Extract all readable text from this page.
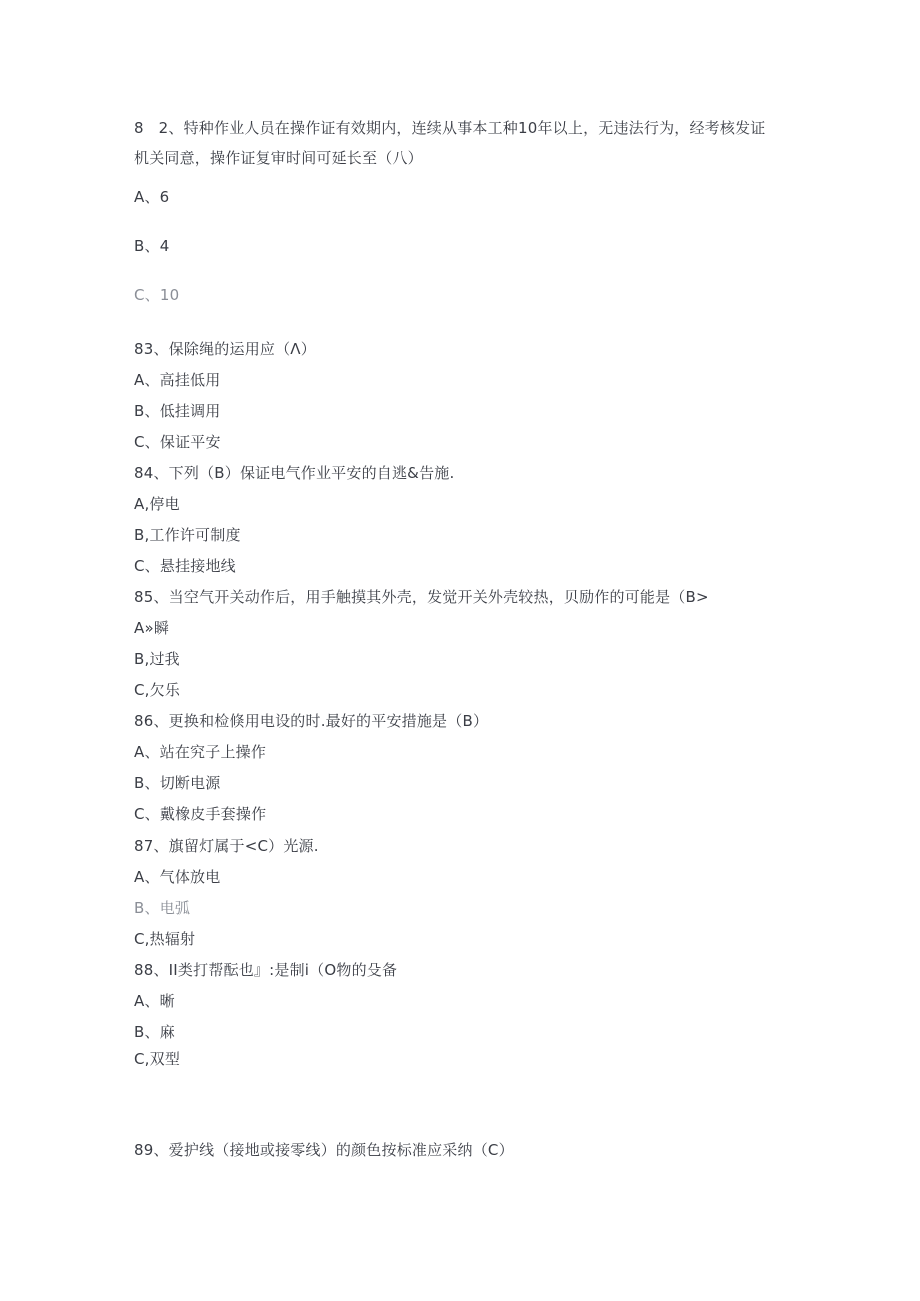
8   2、特种作业人员在操作证有效期内，连续从事本工种10年以上，无违法行为，经考核发证
机关同意，操作证复审时间可延长至（八）
A、6
B、4
C、10
83、保除绳的运用应（Λ）
A、高挂低用
B、低挂调用
C、保证平安
84、下列（B）保证电气作业平安的自逃&告施.
A,停电
B,工作许可制度
C、悬挂接地线
85、当空气开关动作后，用手触摸其外壳，发觉开关外壳较热，贝励作的可能是（B>
A»瞬
B,过我
C,欠乐
86、更换和检倏用电设的时.最好的平安措施是（B）
A、站在究子上操作
B、切断电源
C、戴橡皮手套操作
87、旗留灯属于<C）光源.
A、气体放电
B、电弧
C,热辐射
88、II类打帮酝也』:是制i（O物的殳备
A、晰
B、麻
C,双型
89、爱护线（接地或接零线）的颜色按标准应采纳（C）
